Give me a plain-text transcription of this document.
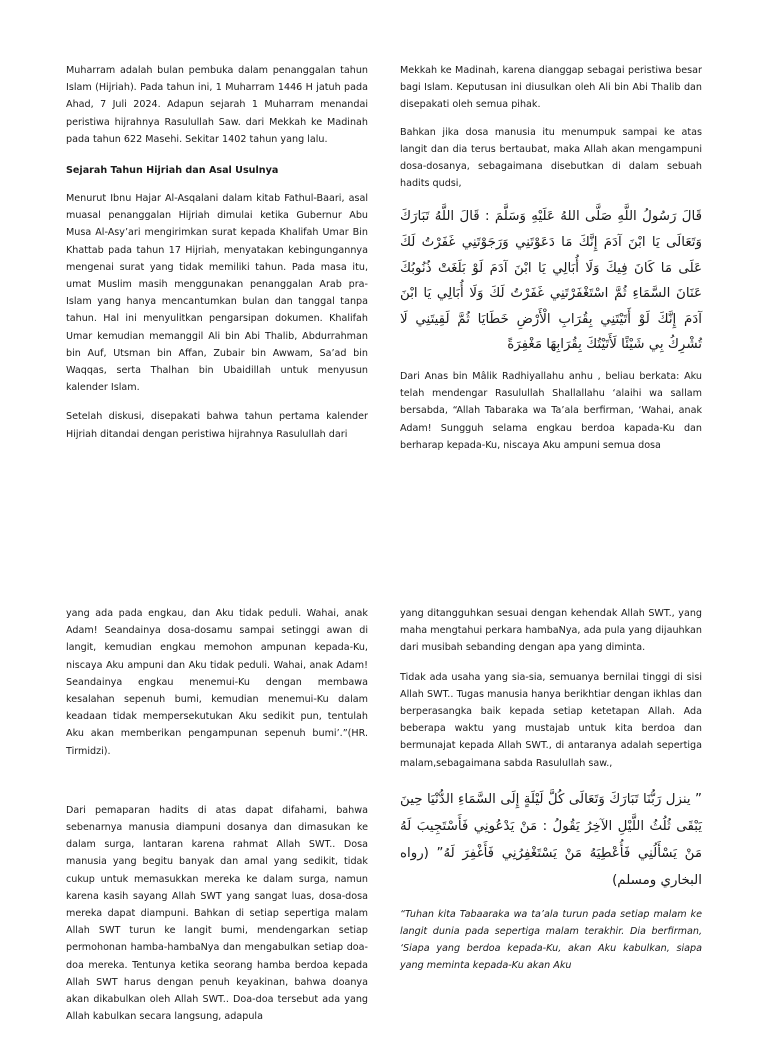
Muharram adalah bulan pembuka dalam penanggalan tahun Islam (Hijriah). Pada tahun ini, 1 Muharram 1446 H jatuh pada Ahad, 7 Juli 2024. Adapun sejarah 1 Muharram menandai peristiwa hijrahnya Rasulullah Saw. dari Mekkah ke Madinah pada tahun 622 Masehi. Sekitar 1402 tahun yang lalu.

Sejarah Tahun Hijriah dan Asal Usulnya

Menurut Ibnu Hajar Al-Asqalani dalam kitab Fathul-Baari, asal muasal penanggalan Hijriah dimulai ketika Gubernur Abu Musa Al-Asy’ari mengirimkan surat kepada Khalifah Umar Bin Khattab pada tahun 17 Hijriah, menyatakan kebingungannya mengenai surat yang tidak memiliki tahun. Pada masa itu, umat Muslim masih menggunakan penanggalan Arab pra-Islam yang hanya mencantumkan bulan dan tanggal tanpa tahun. Hal ini menyulitkan pengarsipan dokumen. Khalifah Umar kemudian memanggil Ali bin Abi Thalib, Abdurrahman bin Auf, Utsman bin Affan, Zubair bin Awwam, Sa’ad bin Waqqas, serta Thalhan bin Ubaidillah untuk menyusun kalender Islam.

Setelah diskusi, disepakati bahwa tahun pertama kalender Hijriah ditandai dengan peristiwa hijrahnya Rasulullah dari

Mekkah ke Madinah, karena dianggap sebagai peristiwa besar bagi Islam. Keputusan ini diusulkan oleh Ali bin Abi Thalib dan disepakati oleh semua pihak.

Bahkan jika dosa manusia itu menumpuk sampai ke atas langit dan dia terus bertaubat, maka Allah akan mengampuni dosa-dosanya, sebagaimana disebutkan di dalam sebuah hadits qudsi,

قَالَ رَسُولُ اللَّهِ صَلَّى اللهُ عَلَيْهِ وَسَلَّمَ : قَالَ اللَّهُ تَبَارَكَ وَتَعَالَى يَا ابْنَ آدَمَ إِنَّكَ مَا دَعَوْتَنِي وَرَجَوْتَنِي غَفَرْتُ لَكَ عَلَى مَا كَانَ فِيكَ وَلَا أُبَالِي يَا ابْنَ آدَمَ لَوْ بَلَغَتْ ذُنُوبُكَ عَنَانَ السَّمَاءِ ثُمَّ اسْتَغْفَرْتَنِي غَفَرْتُ لَكَ وَلَا أُبَالِي يَا ابْنَ آدَمَ إِنَّكَ لَوْ أَتَيْتَنِي بِقُرَابِ الْأَرْضِ خَطَايَا ثُمَّ لَقِيتَنِي لَا تُشْرِكُ بِي شَيْئًا لَأَتَيْتُكَ بِقُرَابِهَا مَغْفِرَةً

Dari Anas bin Mâlik Radhiyallahu anhu , beliau berkata: Aku telah mendengar Rasulullah Shallallahu ‘alaihi wa sallam bersabda, “Allah Tabaraka wa Ta’ala berfirman, ‘Wahai, anak Adam! Sungguh selama engkau berdoa kapada-Ku dan berharap kepada-Ku, niscaya Aku ampuni semua dosa

yang ada pada engkau, dan Aku tidak peduli. Wahai, anak Adam! Seandainya dosa-dosamu sampai setinggi awan di langit, kemudian engkau memohon ampunan kepada-Ku, niscaya Aku ampuni dan Aku tidak peduli. Wahai, anak Adam! Seandainya engkau menemui-Ku dengan membawa kesalahan sepenuh bumi, kemudian menemui-Ku dalam keadaan tidak mempersekutukan Aku sedikit pun, tentulah Aku akan memberikan pengampunan sepenuh bumi’.”(HR. Tirmidzi).

Dari pemaparan hadits di atas dapat difahami, bahwa sebenarnya manusia diampuni dosanya dan dimasukan ke dalam surga, lantaran karena rahmat Allah SWT.. Dosa manusia yang begitu banyak dan amal yang sedikit, tidak cukup untuk memasukkan mereka ke dalam surga, namun karena kasih sayang Allah SWT yang sangat luas, dosa-dosa mereka dapat diampuni. Bahkan di setiap sepertiga malam Allah SWT turun ke langit bumi, mendengarkan setiap permohonan hamba-hambaNya dan mengabulkan setiap doa-doa mereka. Tentunya ketika seorang hamba berdoa kepada Allah SWT harus dengan penuh keyakinan, bahwa doanya akan dikabulkan oleh Allah SWT.. Doa-doa tersebut ada yang Allah kabulkan secara langsung, adapula

yang ditangguhkan sesuai dengan kehendak Allah SWT., yang maha mengtahui perkara hambaNya, ada pula yang dijauhkan dari musibah sebanding dengan apa yang diminta.

Tidak ada usaha yang sia-sia, semuanya bernilai tinggi di sisi Allah SWT.. Tugas manusia hanya berikhtiar dengan ikhlas dan berperasangka baik kepada setiap ketetapan Allah. Ada beberapa waktu yang mustajab untuk kita berdoa dan bermunajat kepada Allah SWT., di antaranya adalah sepertiga malam,sebagaimana sabda Rasulullah saw.,

” ينزل رَبُّنَا تَبَارَكَ وَتَعَالَى كُلَّ لَيْلَةٍ إِلَى السَّمَاءِ الدُّنْيَا حِينَ يَبْقَى ثُلُثُ اللَّيْلِ الآخِرُ يَقُولُ : مَنْ يَدْعُونِي فَأَسْتَجِيبَ لَهُ مَنْ يَسْأَلُنِي فَأُعْطِيَهُ مَنْ يَسْتَغْفِرُنِي فَأَغْفِرَ لَهُ” (رواه البخاري ومسلم)

“Tuhan kita Tabaaraka wa ta’ala turun pada setiap malam ke langit dunia pada sepertiga malam terakhir. Dia berfirman, ‘Siapa yang berdoa kepada-Ku, akan Aku kabulkan, siapa yang meminta kepada-Ku akan Aku
